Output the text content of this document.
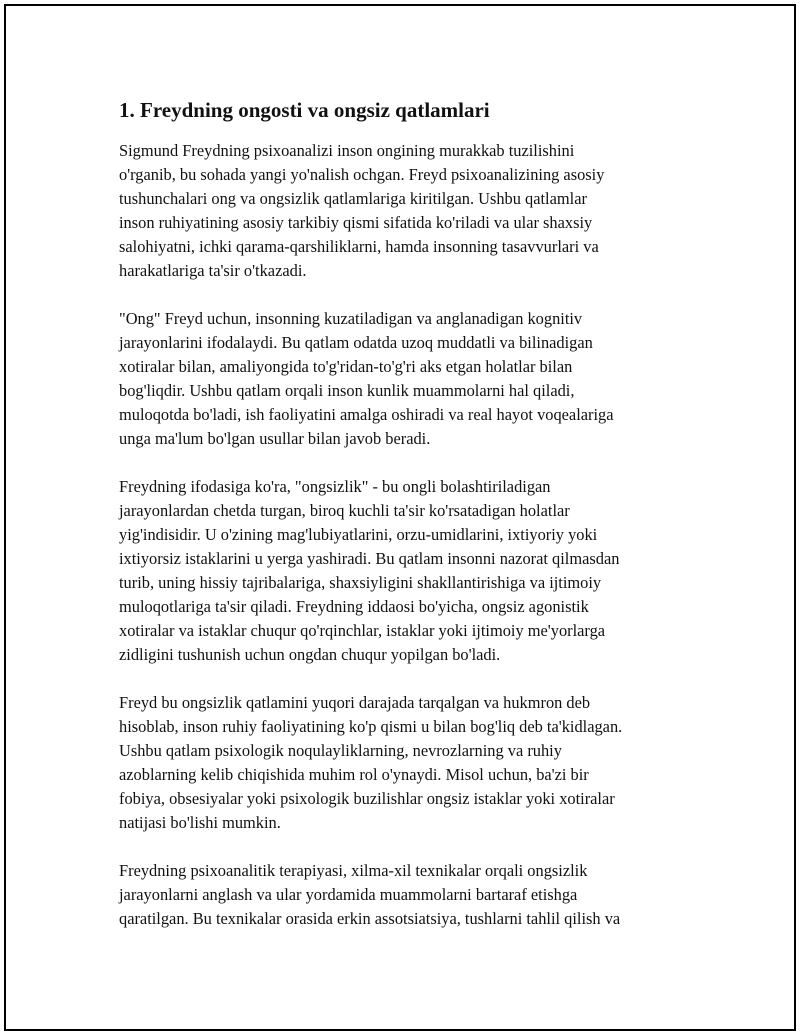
1. Freydning ongosti va ongsiz qatlamlari
Sigmund Freydning psixoanalizi inson ongining murakkab tuzilishini
o'rganib, bu sohada yangi yo'nalish ochgan. Freyd psixoanalizining asosiy
tushunchalari ong va ongsizlik qatlamlariga kiritilgan. Ushbu qatlamlar
inson ruhiyatining asosiy tarkibiy qismi sifatida ko'riladi va ular shaxsiy
salohiyatni, ichki qarama-qarshiliklarni, hamda insonning tasavvurlari va
harakatlariga ta'sir o'tkazadi.
"Ong" Freyd uchun, insonning kuzatiladigan va anglanadigan kognitiv
jarayonlarini ifodalaydi. Bu qatlam odatda uzoq muddatli va bilinadigan
xotiralar bilan, amaliyongida to'g'ridan-to'g'ri aks etgan holatlar bilan
bog'liqdir. Ushbu qatlam orqali inson kunlik muammolarni hal qiladi,
muloqotda bo'ladi, ish faoliyatini amalga oshiradi va real hayot voqealariga
unga ma'lum bo'lgan usullar bilan javob beradi.
Freydning ifodasiga ko'ra, "ongsizlik" - bu ongli bolashtiriladigan
jarayonlardan chetda turgan, biroq kuchli ta'sir ko'rsatadigan holatlar
yig'indisidir. U o'zining mag'lubiyatlarini, orzu-umidlarini, ixtiyoriy yoki
ixtiyorsiz istaklarini u yerga yashiradi. Bu qatlam insonni nazorat qilmasdan
turib, uning hissiy tajribalariga, shaxsiyligini shakllantirishiga va ijtimoiy
muloqotlariga ta'sir qiladi. Freydning iddaosi bo'yicha, ongsiz agonistik
xotiralar va istaklar chuqur qo'rqinchlar, istaklar yoki ijtimoiy me'yorlarga
zidligini tushunish uchun ongdan chuqur yopilgan bo'ladi.
Freyd bu ongsizlik qatlamini yuqori darajada tarqalgan va hukmron deb
hisoblab, inson ruhiy faoliyatining ko'p qismi u bilan bog'liq deb ta'kidlagan.
Ushbu qatlam psixologik noqulayliklarning, nevrozlarning va ruhiy
azoblarning kelib chiqishida muhim rol o'ynaydi. Misol uchun, ba'zi bir
fobiya, obsesiyalar yoki psixologik buzilishlar ongsiz istaklar yoki xotiralar
natijasi bo'lishi mumkin.
Freydning psixoanalitik terapiyasi, xilma-xil texnikalar orqali ongsizlik
jarayonlarni anglash va ular yordamida muammolarni bartaraf etishga
qaratilgan. Bu texnikalar orasida erkin assotsiatsiya, tushlarni tahlil qilish va
